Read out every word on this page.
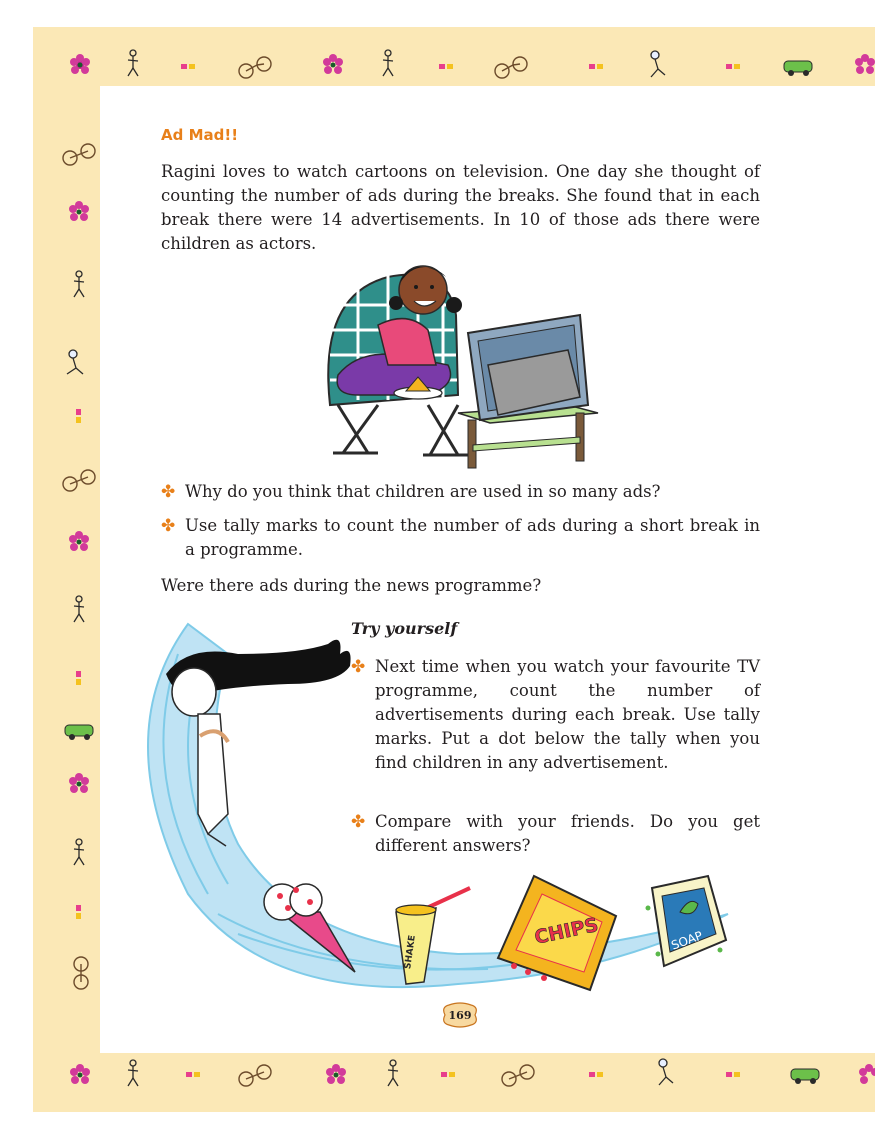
Ad Mad!!

Ragini loves to watch cartoons on television. One day she thought of counting the number of ads during the breaks. She found that in each break there were 14 advertisements. In 10 of those ads there were children as actors.

✤ Why do you think that children are used in so many ads?

✤ Use tally marks to count the number of ads during a short break in a programme.

Were there ads during the news programme?

Try yourself

✤ Next time when you watch your favourite TV programme, count the number of advertisements during each break. Use tally marks. Put a dot below the tally when you find children in any advertisement.

✤ Compare with your friends. Do you get different answers?

SHAKE
CHIPS	SOAP
169
